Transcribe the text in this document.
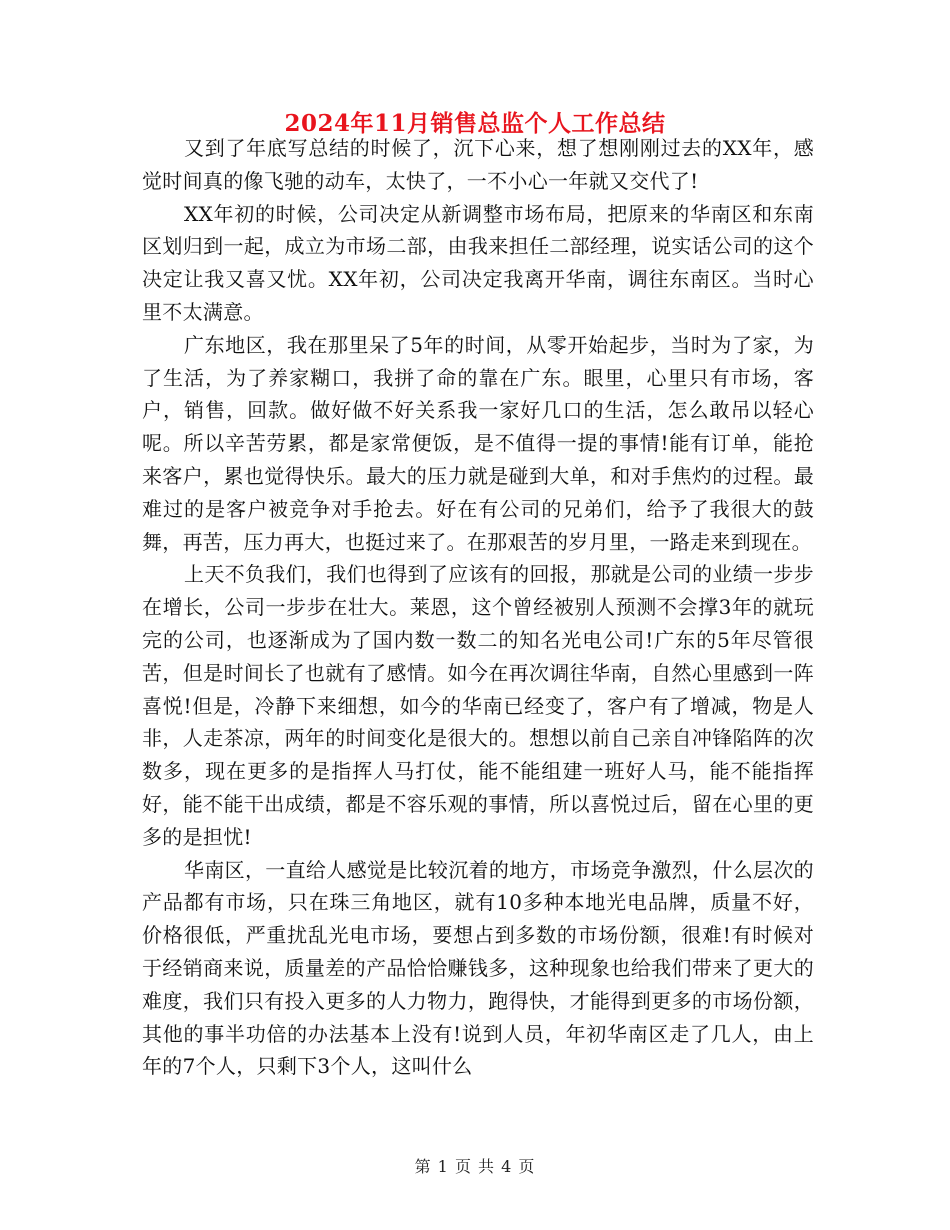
2024年11月销售总监个人工作总结

又到了年底写总结的时候了，沉下心来，想了想刚刚过去的XX年，感觉时间真的像飞驰的动车，太快了，一不小心一年就又交代了!

XX年初的时候，公司决定从新调整市场布局，把原来的华南区和东南区划归到一起，成立为市场二部，由我来担任二部经理，说实话公司的这个决定让我又喜又忧。XX年初，公司决定我离开华南，调往东南区。当时心里不太满意。

广东地区，我在那里呆了5年的时间，从零开始起步，当时为了家，为了生活，为了养家糊口，我拼了命的靠在广东。眼里，心里只有市场，客户，销售，回款。做好做不好关系我一家好几口的生活，怎么敢吊以轻心呢。所以辛苦劳累，都是家常便饭，是不值得一提的事情!能有订单，能抢来客户，累也觉得快乐。最大的压力就是碰到大单，和对手焦灼的过程。最难过的是客户被竞争对手抢去。好在有公司的兄弟们，给予了我很大的鼓舞，再苦，压力再大，也挺过来了。在那艰苦的岁月里，一路走来到现在。

上天不负我们，我们也得到了应该有的回报，那就是公司的业绩一步步在增长，公司一步步在壮大。莱恩，这个曾经被别人预测不会撑3年的就玩完的公司，也逐渐成为了国内数一数二的知名光电公司!广东的5年尽管很苦，但是时间长了也就有了感情。如今在再次调往华南，自然心里感到一阵喜悦!但是，冷静下来细想，如今的华南已经变了，客户有了增减，物是人非，人走茶凉，两年的时间变化是很大的。想想以前自己亲自冲锋陷阵的次数多，现在更多的是指挥人马打仗，能不能组建一班好人马，能不能指挥好，能不能干出成绩，都是不容乐观的事情，所以喜悦过后，留在心里的更多的是担忧!

华南区，一直给人感觉是比较沉着的地方，市场竞争激烈，什么层次的产品都有市场，只在珠三角地区，就有10多种本地光电品牌，质量不好，价格很低，严重扰乱光电市场，要想占到多数的市场份额，很难!有时候对于经销商来说，质量差的产品恰恰赚钱多，这种现象也给我们带来了更大的难度，我们只有投入更多的人力物力，跑得快，才能得到更多的市场份额，其他的事半功倍的办法基本上没有!说到人员，年初华南区走了几人，由上年的7个人，只剩下3个人，这叫什么

第 1 页 共 4 页
